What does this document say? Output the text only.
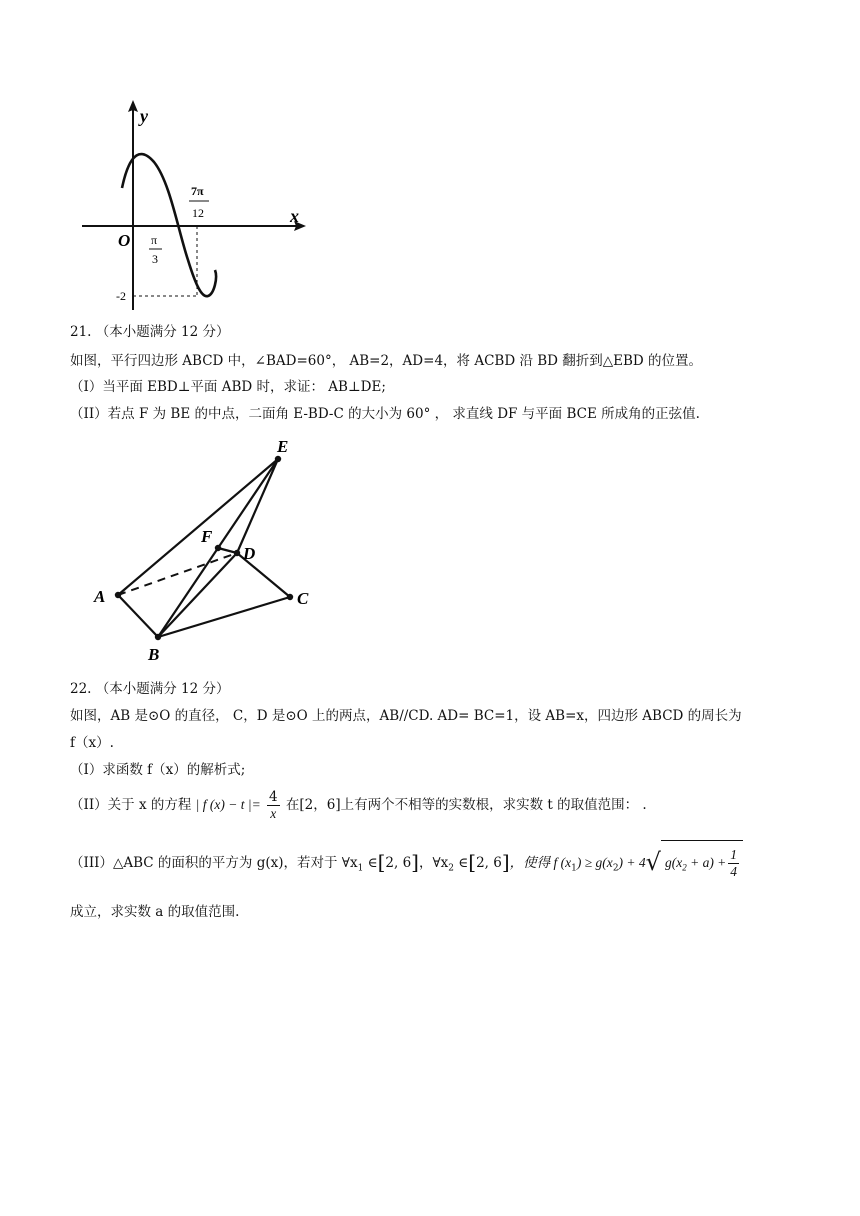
y
x
O π
3
7π
12
-2
21. （本小题满分 12 分）
如图，平行四边形 ABCD 中，∠BAD=60°， AB=2，AD=4，将 ACBD 沿 BD 翻折到△EBD 的位置。
（I）当平面 EBD⊥平面 ABD 时，求证： AB⊥DE;
（II）若点 F 为 BE 的中点，二面角 E-BD-C 的大小为 60° ， 求直线 DF 与平面 BCE 所成角的正弦值.
E
F
D
A
B
C
22. （本小题满分 12 分）
如图，AB 是⊙O 的直径， C，D 是⊙O 上的两点，AB//CD. AD= BC=1，设 AB=x，四边形 ABCD 的周长为
f（x）.
（I）求函数 f（x）的解析式;
（II）关于 x 的方程 | f (x) − t |= $\frac{4}{x}$ 在[2，6]上有两个不相等的实数根，求实数 t 的取值范围： .
（III）△ABC 的面积的平方为 g(x)，若对于 $\forall x_1$ ∈[2, 6]，$\forall x_2$ ∈[2, 6]，使得 f $(x_1) \ge g(x_2) + 4√$ $g(x_2 + a) + \frac{1}{4}$
成立，求实数 a 的取值范围.
